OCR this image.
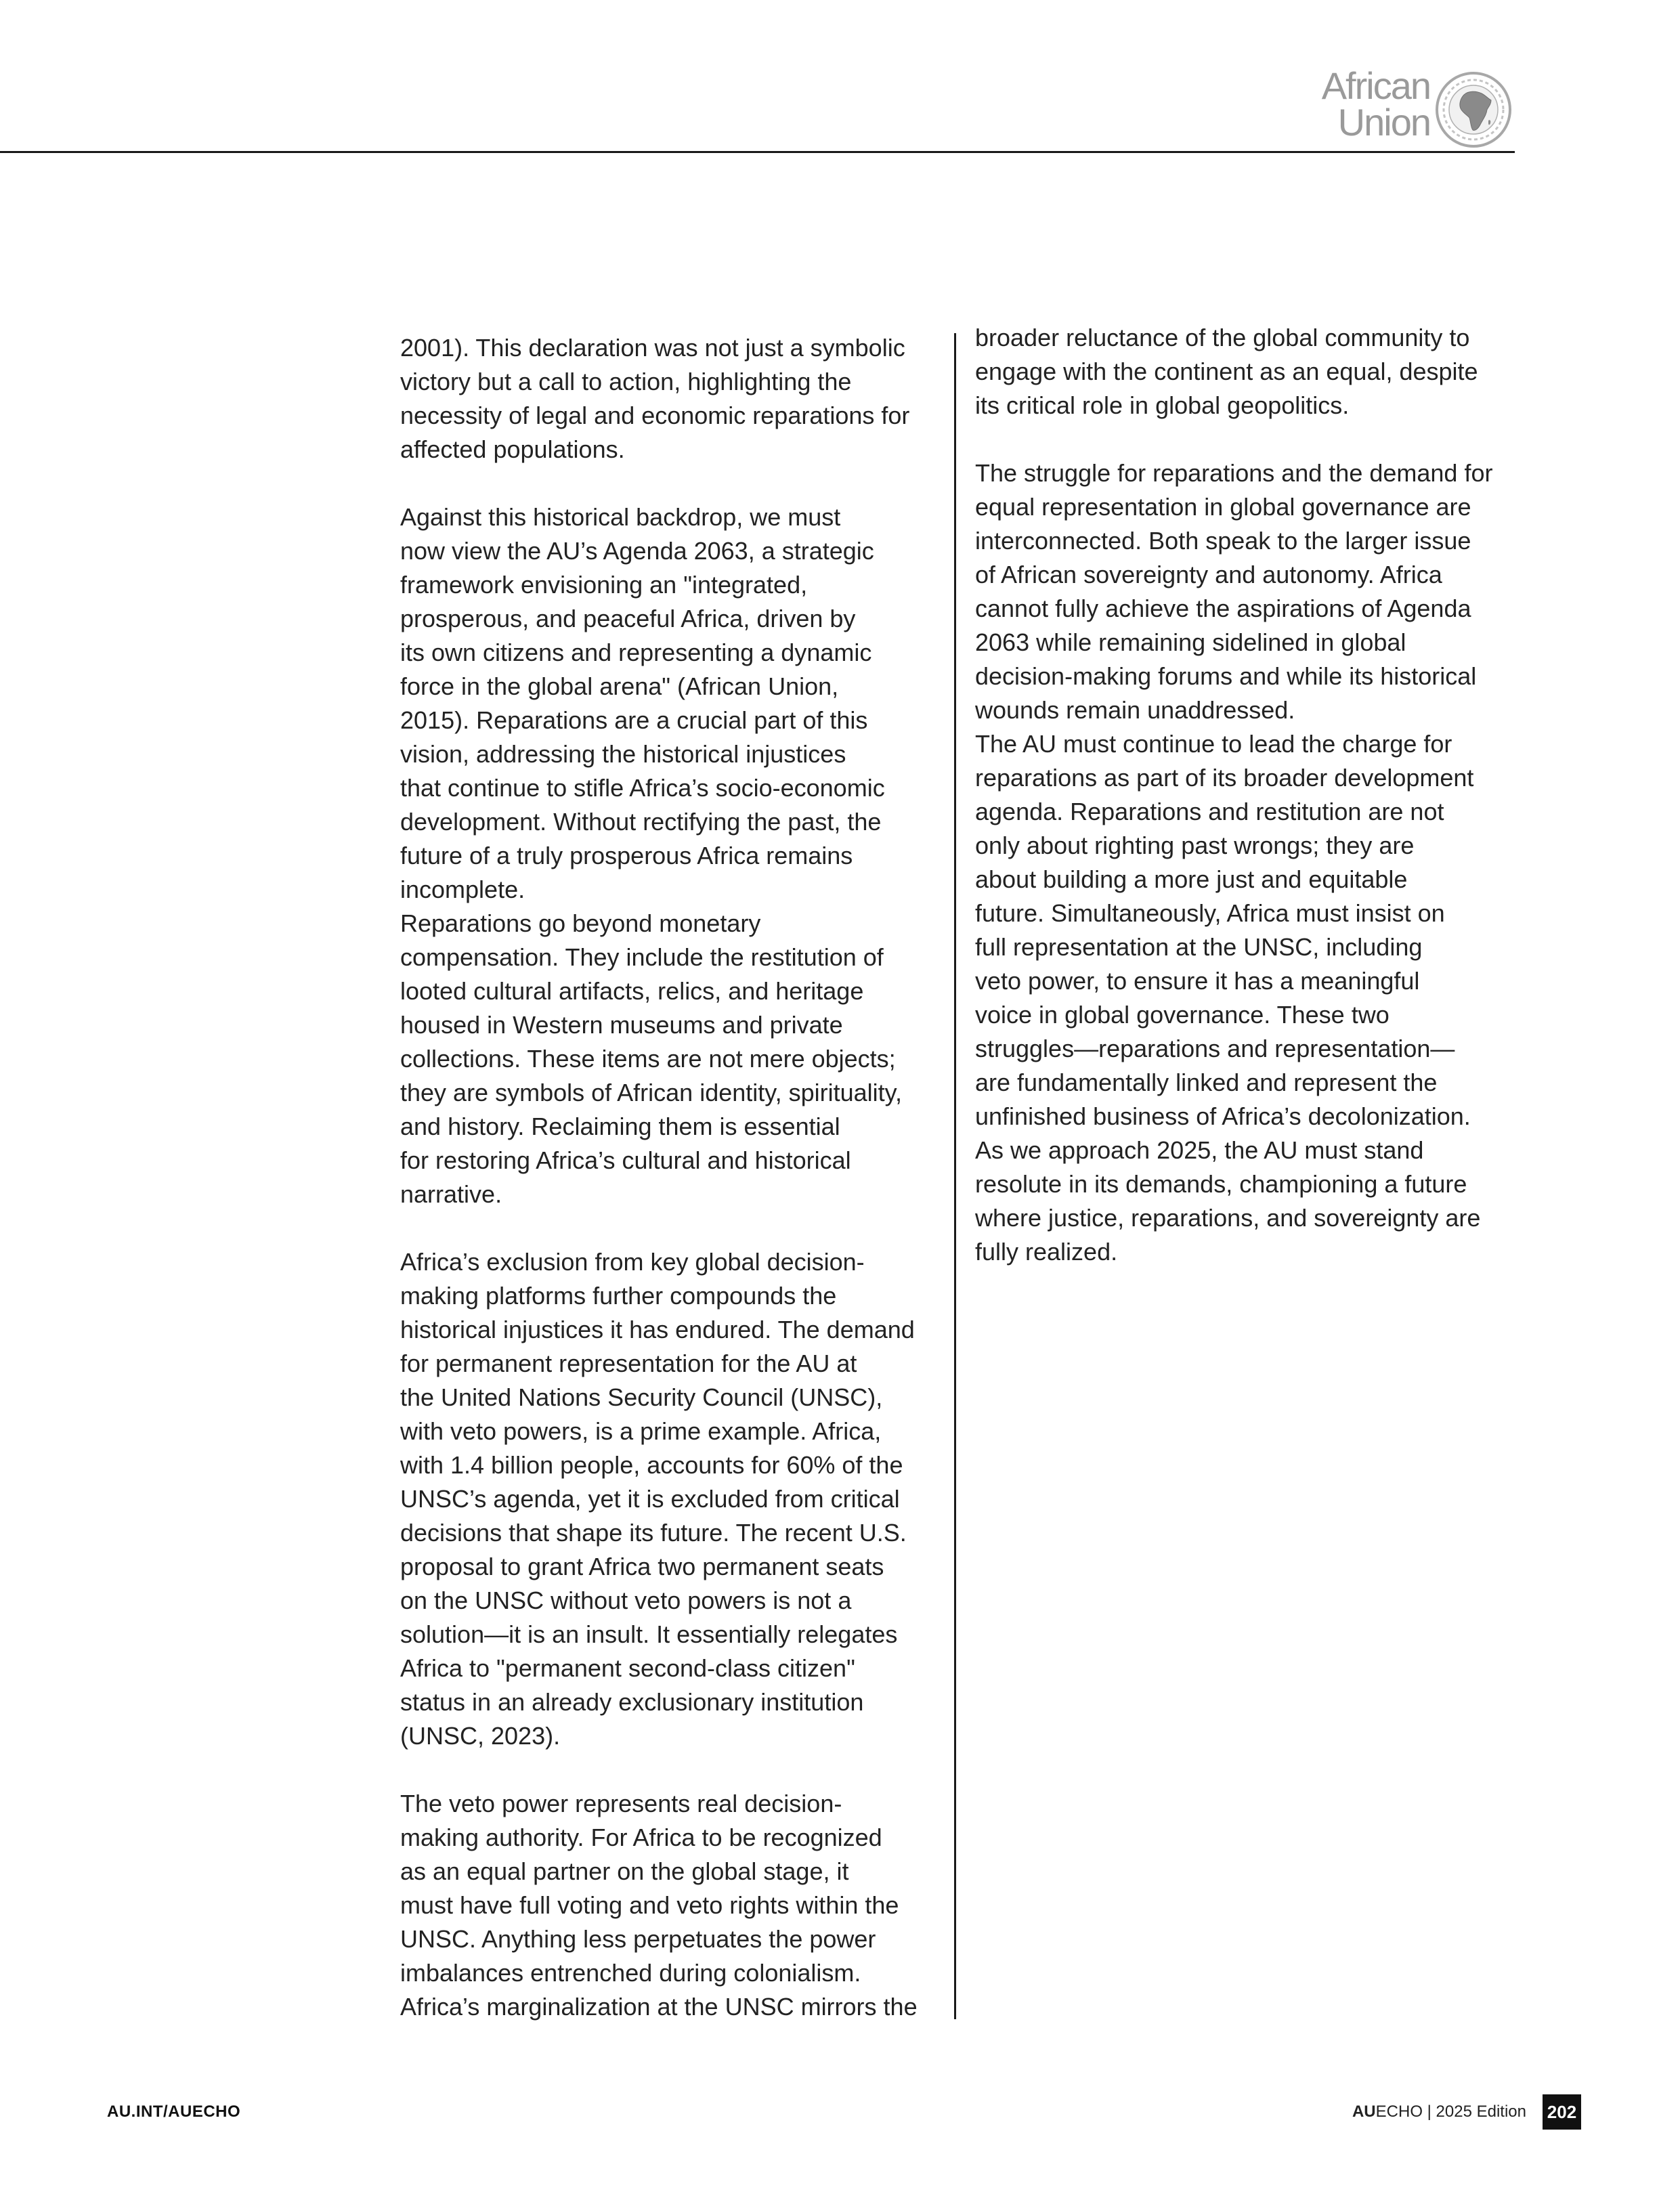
African
Union

2001). This declaration was not just a symbolic
victory but a call to action, highlighting the
necessity of legal and economic reparations for
affected populations.

Against this historical backdrop, we must
now view the AU’s Agenda 2063, a strategic
framework envisioning an "integrated,
prosperous, and peaceful Africa, driven by
its own citizens and representing a dynamic
force in the global arena" (African Union,
2015). Reparations are a crucial part of this
vision, addressing the historical injustices
that continue to stifle Africa’s socio-economic
development. Without rectifying the past, the
future of a truly prosperous Africa remains
incomplete.

Reparations go beyond monetary
compensation. They include the restitution of
looted cultural artifacts, relics, and heritage
housed in Western museums and private
collections. These items are not mere objects;
they are symbols of African identity, spirituality,
and history. Reclaiming them is essential
for restoring Africa’s cultural and historical
narrative.

Africa’s exclusion from key global decision-
making platforms further compounds the
historical injustices it has endured. The demand
for permanent representation for the AU at
the United Nations Security Council (UNSC),
with veto powers, is a prime example. Africa,
with 1.4 billion people, accounts for 60% of the
UNSC’s agenda, yet it is excluded from critical
decisions that shape its future. The recent U.S.
proposal to grant Africa two permanent seats
on the UNSC without veto powers is not a
solution—it is an insult. It essentially relegates
Africa to "permanent second-class citizen"
status in an already exclusionary institution
(UNSC, 2023).

The veto power represents real decision-
making authority. For Africa to be recognized
as an equal partner on the global stage, it
must have full voting and veto rights within the
UNSC. Anything less perpetuates the power
imbalances entrenched during colonialism.
Africa’s marginalization at the UNSC mirrors the

broader reluctance of the global community to
engage with the continent as an equal, despite
its critical role in global geopolitics.

The struggle for reparations and the demand for
equal representation in global governance are
interconnected. Both speak to the larger issue
of African sovereignty and autonomy. Africa
cannot fully achieve the aspirations of Agenda
2063 while remaining sidelined in global
decision-making forums and while its historical
wounds remain unaddressed.

The AU must continue to lead the charge for
reparations as part of its broader development
agenda. Reparations and restitution are not
only about righting past wrongs; they are
about building a more just and equitable
future. Simultaneously, Africa must insist on
full representation at the UNSC, including
veto power, to ensure it has a meaningful
voice in global governance. These two
struggles—reparations and representation—
are fundamentally linked and represent the
unfinished business of Africa’s decolonization.
As we approach 2025, the AU must stand
resolute in its demands, championing a future
where justice, reparations, and sovereignty are
fully realized.

AU.INT/AUECHO	AUECHO | 2025 Edition 202
